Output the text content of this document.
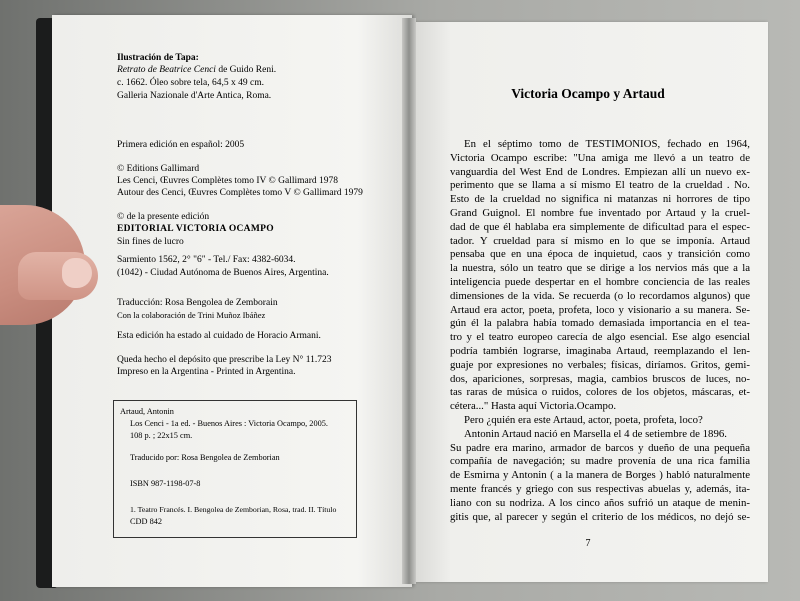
Ilustración de Tapa:

Retrato de Beatrice Cenci de Guido Reni.

c. 1662. Óleo sobre tela, 64,5 x 49 cm.

Galleria Nazionale d'Arte Antica, Roma.

Primera edición en español: 2005

© Editions Gallimard

Les Cenci, Œuvres Complètes tomo IV © Gallimard 1978

Autour des Cenci, Œuvres Complètes tomo V © Gallimard 1979

© de la presente edición

EDITORIAL VICTORIA OCAMPO

Sin fines de lucro

Sarmiento 1562, 2° "6" - Tel./ Fax: 4382-6034.

(1042) - Ciudad Autónoma de Buenos Aires, Argentina.

Traducción: Rosa Bengolea de Zemborain

Con la colaboración de Trini Muñoz Ibáñez

Esta edición ha estado al cuidado de Horacio Armani.

Queda hecho el depósito que prescribe la Ley N° 11.723

Impreso en la Argentina - Printed in Argentina.

Artaud, Antonin

Los Cenci - 1a ed. - Buenos Aires : Victoria Ocampo, 2005.

108 p. ; 22x15 cm.

Traducido por: Rosa Bengolea de Zemborian

ISBN 987-1198-07-8

1. Teatro Francés. I. Bengolea de Zemborian, Rosa, trad. II. Título

CDD 842

Victoria Ocampo y Artaud

En el séptimo tomo de TESTIMONIOS, fechado en 1964,

Victoria Ocampo escribe: "Una amiga me llevó a un teatro de

vanguardia del West End de Londres. Empiezan allí un nuevo ex-

perimento que se llama a sí mismo El teatro de la crueldad . No.

Esto de la crueldad no significa ni matanzas ni horrores de tipo

Grand Guignol. El nombre fue inventado por Artaud y la cruel-

dad de que él hablaba era simplemente de dificultad para el espec-

tador. Y crueldad para sí mismo en lo que se imponía. Artaud

pensaba que en una época de inquietud, caos y transición como

la nuestra, sólo un teatro que se dirige a los nervios más que a la

inteligencia puede despertar en el hombre conciencia de las reales

dimensiones de la vida. Se recuerda (o lo recordamos algunos) que

Artaud era actor, poeta, profeta, loco y visionario a su manera. Se-

gún él la palabra había tomado demasiada importancia en el tea-

tro y el teatro europeo carecía de algo esencial. Ese algo esencial

podría también lograrse, imaginaba Artaud, reemplazando el len-

guaje por expresiones no verbales; físicas, diríamos. Gritos, gemi-

dos, apariciones, sorpresas, magia, cambios bruscos de luces, no-

tas raras de música o ruidos, colores de los objetos, máscaras, et-

cétera..." Hasta aquí Victoria.Ocampo.

Pero ¿quién era este Artaud, actor, poeta, profeta, loco?

Antonin Artaud nació en Marsella el 4 de setiembre de 1896.

Su padre era marino, armador de barcos y dueño de una pequeña

compañía de navegación; su madre provenía de una rica familia

de Esmirna y Antonin ( a la manera de Borges ) habló naturalmente

mente francés y griego con sus respectivas abuelas y, además, ita-

liano con su nodriza. A los cinco años sufrió un ataque de menin-

gitis que, al parecer y según el criterio de los médicos, no dejó se-

7
